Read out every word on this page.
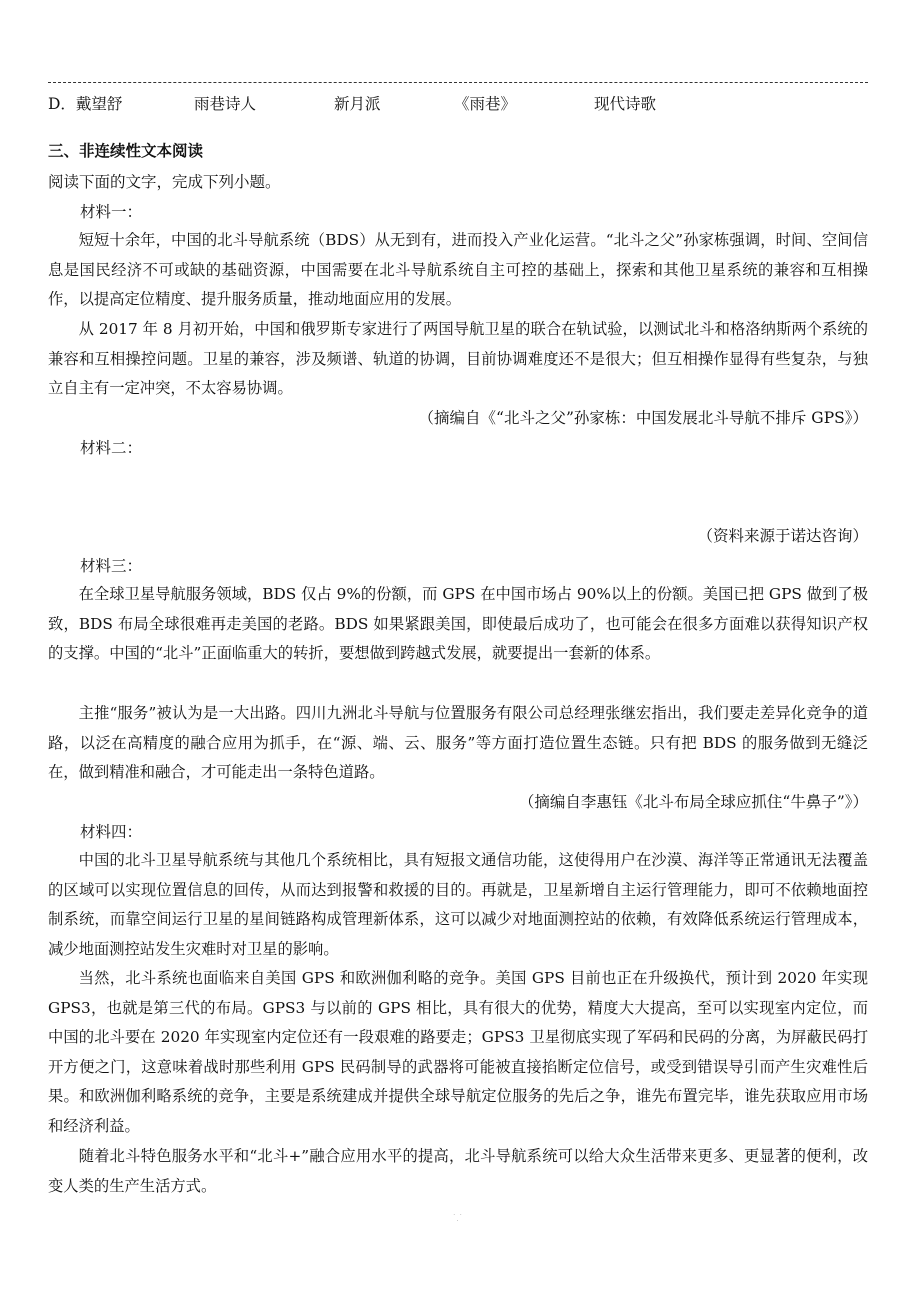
D．戴望舒	雨巷诗人	新月派	《雨巷》	现代诗歌
三、非连续性文本阅读
阅读下面的文字，完成下列小题。
材料一：

短短十余年，中国的北斗导航系统（BDS）从无到有，进而投入产业化运营。“北斗之父”孙家栋强调，时间、空间信息是国民经济不可或缺的基础资源，中国需要在北斗导航系统自主可控的基础上，探索和其他卫星系统的兼容和互相操作，以提高定位精度、提升服务质量，推动地面应用的发展。

从 2017 年 8 月初开始，中国和俄罗斯专家进行了两国导航卫星的联合在轨试验，以测试北斗和格洛纳斯两个系统的兼容和互相操控问题。卫星的兼容，涉及频谱、轨道的协调，目前协调难度还不是很大；但互相操作显得有些复杂，与独立自主有一定冲突，不太容易协调。

（摘编自《“北斗之父”孙家栋：中国发展北斗导航不排斥 GPS》）
材料二：
（资料来源于诺达咨询）
材料三：

在全球卫星导航服务领域，BDS 仅占 9%的份额，而 GPS 在中国市场占 90%以上的份额。美国已把 GPS 做到了极致，BDS 布局全球很难再走美国的老路。BDS 如果紧跟美国，即使最后成功了，也可能会在很多方面难以获得知识产权的支撑。中国的“北斗”正面临重大的转折，要想做到跨越式发展，就要提出一套新的体系。

主推“服务”被认为是一大出路。四川九洲北斗导航与位置服务有限公司总经理张继宏指出，我们要走差异化竞争的道路，以泛在高精度的融合应用为抓手，在“源、端、云、服务”等方面打造位置生态链。只有把 BDS 的服务做到无缝泛在，做到精准和融合，才可能走出一条特色道路。

（摘编自李惠钰《北斗布局全球应抓住“牛鼻子”》）
材料四：

中国的北斗卫星导航系统与其他几个系统相比，具有短报文通信功能，这使得用户在沙漠、海洋等正常通讯无法覆盖的区域可以实现位置信息的回传，从而达到报警和救援的目的。再就是，卫星新增自主运行管理能力，即可不依赖地面控制系统，而靠空间运行卫星的星间链路构成管理新体系，这可以减少对地面测控站的依赖，有效降低系统运行管理成本，减少地面测控站发生灾难时对卫星的影响。

当然，北斗系统也面临来自美国 GPS 和欧洲伽利略的竞争。美国 GPS 目前也正在升级换代，预计到 2020 年实现 GPS3，也就是第三代的布局。GPS3 与以前的 GPS 相比，具有很大的优势，精度大大提高，至可以实现室内定位，而中国的北斗要在 2020 年实现室内定位还有一段艰难的路要走；GPS3 卫星彻底实现了军码和民码的分离，为屏蔽民码打开方便之门，这意味着战时那些利用 GPS 民码制导的武器将可能被直接掐断定位信号，或受到错误导引而产生灾难性后果。和欧洲伽利略系统的竞争，主要是系统建成并提供全球导航定位服务的先后之争，谁先布置完毕，谁先获取应用市场和经济利益。

随着北斗特色服务水平和“北斗+”融合应用水平的提高，北斗导航系统可以给大众生活带来更多、更显著的便利，改变人类的生产生活方式。

· · ·
